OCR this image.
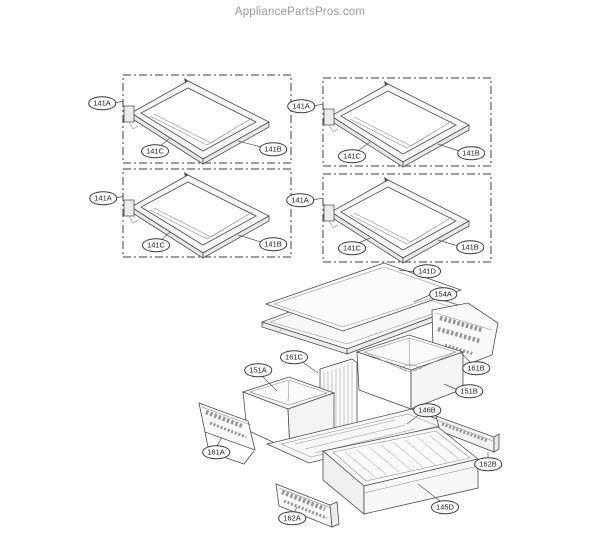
AppliancePartsPros.com
141A
141C	141B
141A
141C	141B
141A
141C	141B
141A
141C	141B
141D
154A
151A
161C
161B
151B
146B
161A
162B
162A
145D
